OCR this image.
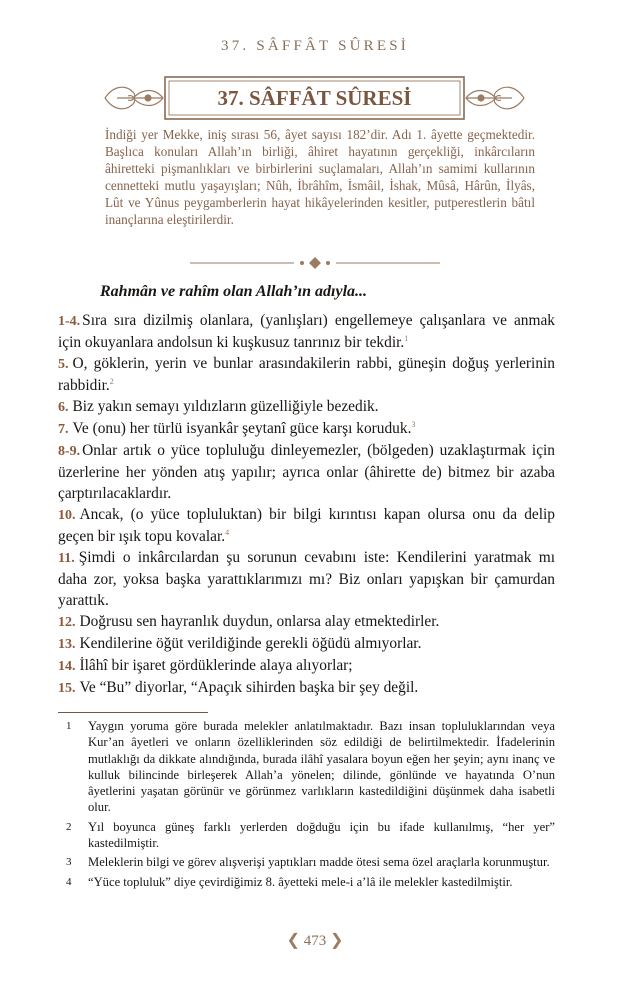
37. SÂFFÂT SÛRESİ
37. SÂFFÂT SÛRESİ
İndiği yer Mekke, iniş sırası 56, âyet sayısı 182’dir. Adı 1. âyette geçmektedir. Başlıca konuları Allah’ın birliği, âhiret hayatının gerçekliği, inkârcıların âhiretteki pişmanlıkları ve birbirlerini suçlamaları, Allah’ın samimi kullarının cennetteki mutlu yaşayışları; Nûh, İbrâhîm, İsmâil, İshak, Mûsâ, Hârûn, İlyâs, Lût ve Yûnus peygamberlerin hayat hikâyelerinden kesitler, putperestlerin bâtıl inançlarına eleştirilerdir.
Rahmân ve rahîm olan Allah’ın adıyla...

1-4. Sıra sıra dizilmiş olanlara, (yanlışları) engellemeye çalışanlara ve anmak için okuyanlara andolsun ki kuşkusuz tanrınız bir tekdir.$^1$

5. O, göklerin, yerin ve bunlar arasındakilerin rabbi, güneşin doğuş yerlerinin rabbidir.$^2$

6. Biz yakın semayı yıldızların güzelliğiyle bezedik.

7. Ve (onu) her türlü isyankâr şeytanî güce karşı koruduk.$^3$

8-9. Onlar artık o yüce topluluğu dinleyemezler, (bölgeden) uzaklaştırmak için üzerlerine her yönden atış yapılır; ayrıca onlar (âhirette de) bitmez bir azaba çarptırılacaklardır.

10. Ancak, (o yüce topluluktan) bir bilgi kırıntısı kapan olursa onu da delip geçen bir ışık topu kovalar.$^4$

11. Şimdi o inkârcılardan şu sorunun cevabını iste: Kendilerini yaratmak mı daha zor, yoksa başka yarattıklarımızı mı? Biz onları yapışkan bir çamurdan yarattık.

12. Doğrusu sen hayranlık duydun, onlarsa alay etmektedirler.

13. Kendilerine öğüt verildiğinde gerekli öğüdü almıyorlar.

14. İlâhî bir işaret gördüklerinde alaya alıyorlar;

15. Ve “Bu” diyorlar, “Apaçık sihirden başka bir şey değil.

1	Yaygın yoruma göre burada melekler anlatılmaktadır. Bazı insan topluluklarından veya Kur’an âyetleri ve onların özelliklerinden söz edildiği de belirtilmektedir. İfadelerinin mutlaklığı da dikkate alındığında, burada ilâhî yasalara boyun eğen her şeyin; aynı inanç ve kulluk bilincinde birleşerek Allah’a yönelen; dilinde, gönlünde ve hayatında O’nun âyetlerini yaşatan görünür ve görünmez varlıkların kastedildiğini düşünmek daha isabetli olur.
2	Yıl boyunca güneş farklı yerlerden doğduğu için bu ifade kullanılmış, “her yer” kastedilmiştir.
3	Meleklerin bilgi ve görev alışverişi yaptıkları madde ötesi sema özel araçlarla korunmuştur.
4	“Yüce topluluk” diye çevirdiğimiz 8. âyetteki mele-i a’lâ ile melekler kastedilmiştir.
❮ 473 ❯
